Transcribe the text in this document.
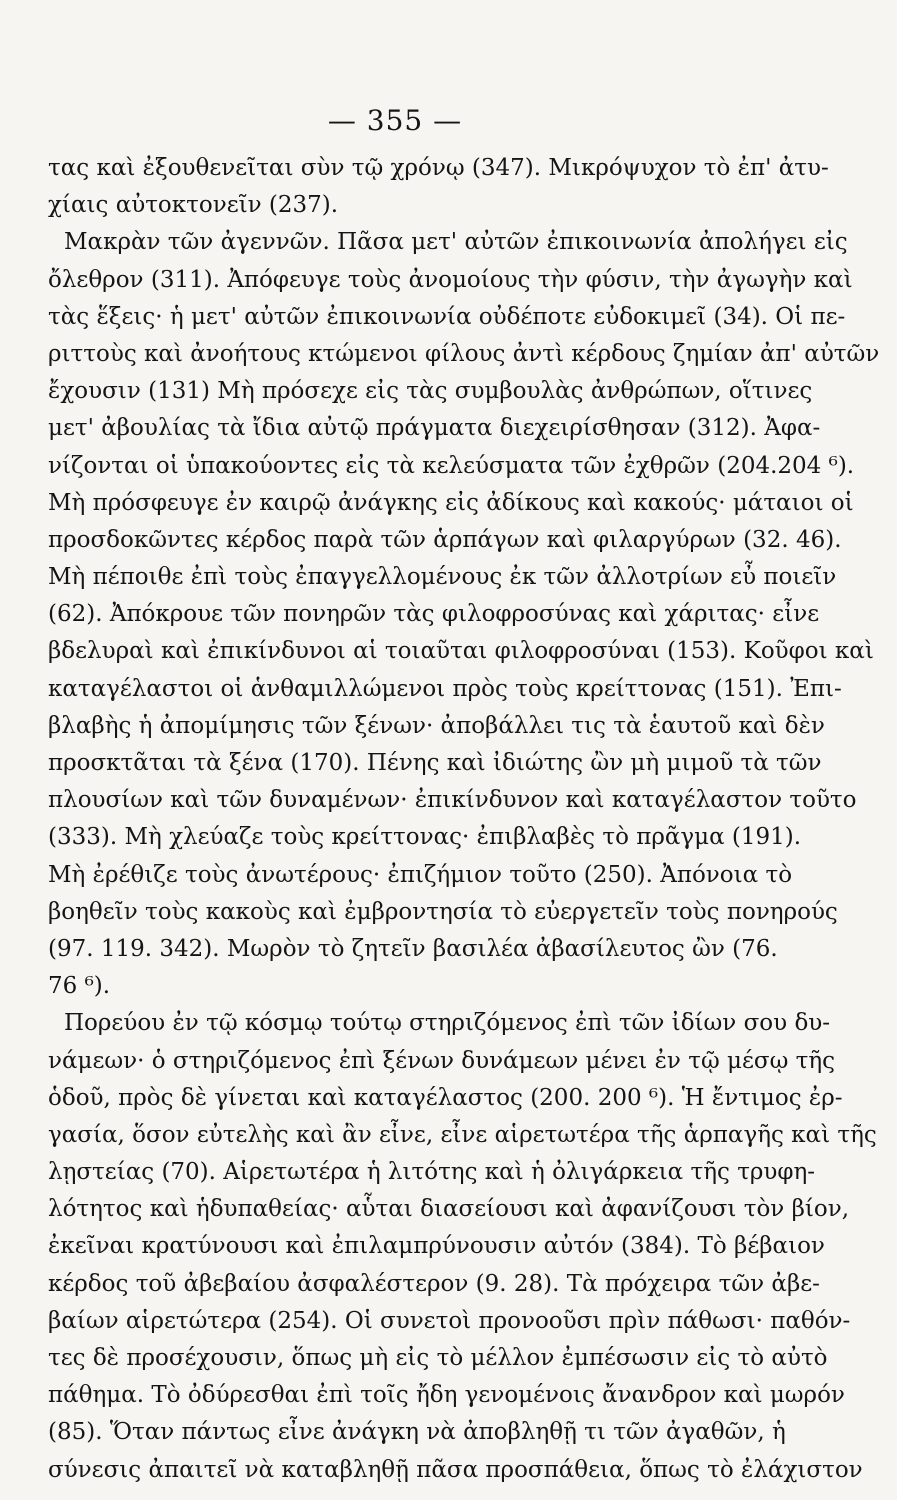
— 355 —

τας καὶ ἐξουθενεῖται σὺν τῷ χρόνῳ (347). Μικρόψυχον τὸ ἐπ' ἀτυ-
χίαις αὐτοκτονεῖν (237).
Μακρὰν τῶν ἀγεννῶν. Πᾶσα μετ' αὐτῶν ἐπικοινωνία ἀπολήγει εἰς
ὄλεθρον (311). Ἀπόφευγε τοὺς ἀνομοίους τὴν φύσιν, τὴν ἀγωγὴν καὶ
τὰς ἕξεις· ἡ μετ' αὐτῶν ἐπικοινωνία οὐδέποτε εὐδοκιμεῖ (34). Οἱ πε-
ριττοὺς καὶ ἀνοήτους κτώμενοι φίλους ἀντὶ κέρδους ζημίαν ἀπ' αὐτῶν
ἔχουσιν (131) Μὴ πρόσεχε εἰς τὰς συμβουλὰς ἀνθρώπων, οἵτινες
μετ' ἀβουλίας τὰ ἴδια αὐτῷ πράγματα διεχειρίσθησαν (312). Ἀφα-
νίζονται οἱ ὑπακούοντες εἰς τὰ κελεύσματα τῶν ἐχθρῶν (204.204 ⁶).
Μὴ πρόσφευγε ἐν καιρῷ ἀνάγκης εἰς ἀδίκους καὶ κακούς· μάταιοι οἱ
προσδοκῶντες κέρδος παρὰ τῶν ἁρπάγων καὶ φιλαργύρων (32. 46).
Μὴ πέποιθε ἐπὶ τοὺς ἐπαγγελλομένους ἐκ τῶν ἀλλοτρίων εὖ ποιεῖν
(62). Ἀπόκρουε τῶν πονηρῶν τὰς φιλοφροσύνας καὶ χάριτας· εἶνε
βδελυραὶ καὶ ἐπικίνδυνοι αἱ τοιαῦται φιλοφροσύναι (153). Κοῦφοι καὶ
καταγέλαστοι οἱ ἁνθαμιλλώμενοι πρὸς τοὺς κρείττονας (151). Ἐπι-
βλαβὴς ἡ ἀπομίμησις τῶν ξένων· ἀποβάλλει τις τὰ ἑαυτοῦ καὶ δὲν
προσκτᾶται τὰ ξένα (170). Πένης καὶ ἰδιώτης ὢν μὴ μιμοῦ τὰ τῶν
πλουσίων καὶ τῶν δυναμένων· ἐπικίνδυνον καὶ καταγέλαστον τοῦτο
(333). Μὴ χλεύαζε τοὺς κρείττονας· ἐπιβλαβὲς τὸ πρᾶγμα (191).
Μὴ ἐρέθιζε τοὺς ἀνωτέρους· ἐπιζήμιον τοῦτο (250). Ἀπόνοια τὸ
βοηθεῖν τοὺς κακοὺς καὶ ἐμβροντησία τὸ εὐεργετεῖν τοὺς πονηρούς
(97. 119. 342). Μωρὸν τὸ ζητεῖν βασιλέα ἀβασίλευτος ὢν (76.
76 ⁶).

Πορεύου ἐν τῷ κόσμῳ τούτῳ στηριζόμενος ἐπὶ τῶν ἰδίων σου δυ-
νάμεων· ὁ στηριζόμενος ἐπὶ ξένων δυνάμεων μένει ἐν τῷ μέσῳ τῆς
ὁδοῦ, πρὸς δὲ γίνεται καὶ καταγέλαστος (200. 200 ⁶). Ἡ ἔντιμος ἐρ-
γασία, ὅσον εὐτελὴς καὶ ἂν εἶνε, εἶνε αἱρετωτέρα τῆς ἁρπαγῆς καὶ τῆς
λῃστείας (70). Αἱρετωτέρα ἡ λιτότης καὶ ἡ ὀλιγάρκεια τῆς τρυφη-
λότητος καὶ ἡδυπαθείας· αὗται διασείουσι καὶ ἀφανίζουσι τὸν βίον,
ἐκεῖναι κρατύνουσι καὶ ἐπιλαμπρύνουσιν αὐτόν (384). Τὸ βέβαιον
κέρδος τοῦ ἀβεβαίου ἀσφαλέστερον (9. 28). Τὰ πρόχειρα τῶν ἀβε-
βαίων αἱρετώτερα (254). Οἱ συνετοὶ προνοοῦσι πρὶν πάθωσι· παθόν-
τες δὲ προσέχουσιν, ὅπως μὴ εἰς τὸ μέλλον ἐμπέσωσιν εἰς τὸ αὐτὸ
πάθημα. Τὸ ὀδύρεσθαι ἐπὶ τοῖς ἤδη γενομένοις ἄνανδρον καὶ μωρόν
(85). Ὅταν πάντως εἶνε ἀνάγκη νὰ ἀποβληθῇ τι τῶν ἀγαθῶν, ἡ
σύνεσις ἀπαιτεῖ νὰ καταβληθῇ πᾶσα προσπάθεια, ὅπως τὸ ἐλάχιστον
